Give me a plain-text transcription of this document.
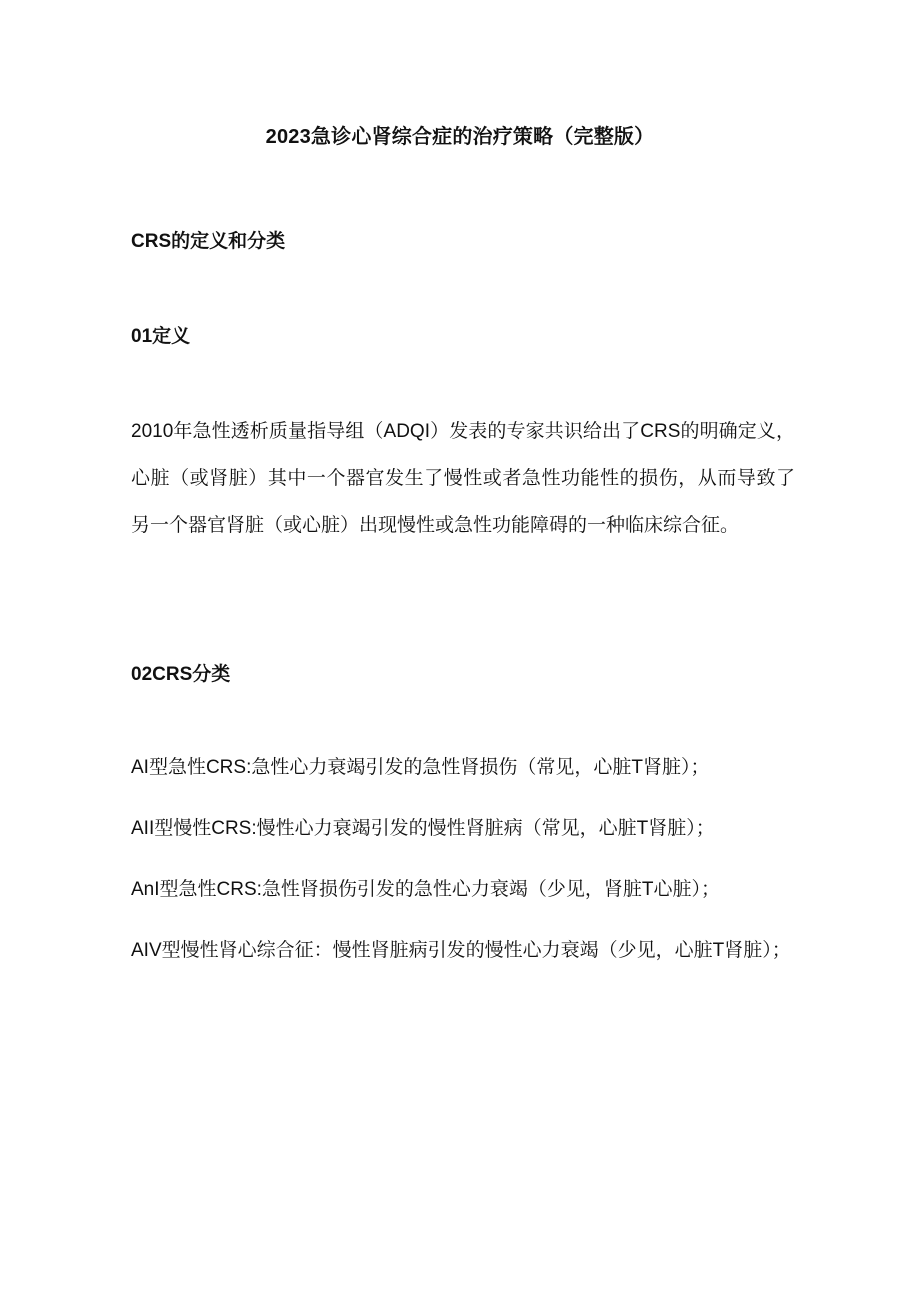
2023急诊心肾综合症的治疗策略（完整版）
CRS的定义和分类
01定义

2010年急性透析质量指导组（ADQI）发表的专家共识给出了CRS的明确定义，心脏（或肾脏）其中一个器官发生了慢性或者急性功能性的损伤，从而导致了另一个器官肾脏（或心脏）出现慢性或急性功能障碍的一种临床综合征。

02CRS分类
AI型急性CRS:急性心力衰竭引发的急性肾损伤（常见，心脏T肾脏）；
AII型慢性CRS:慢性心力衰竭引发的慢性肾脏病（常见，心脏T肾脏）；
AnI型急性CRS:急性肾损伤引发的急性心力衰竭（少见，肾脏T心脏）；
AIV型慢性肾心综合征：慢性肾脏病引发的慢性心力衰竭（少见，心脏T肾脏）；
